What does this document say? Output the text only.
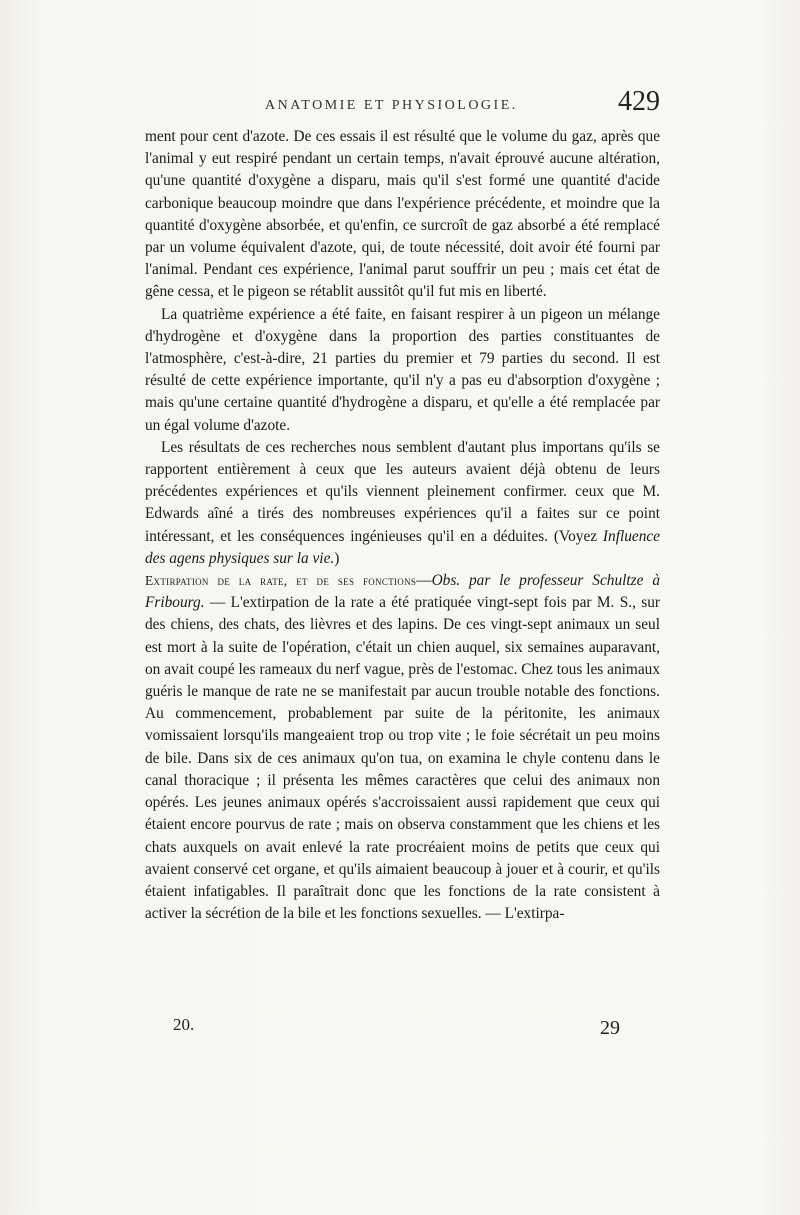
ANATOMIE ET PHYSIOLOGIE.	429

ment pour cent d'azote. De ces essais il est résulté que le volume du gaz, après que l'animal y eut respiré pendant un certain temps, n'avait éprouvé aucune altération, qu'une quantité d'oxygène a disparu, mais qu'il s'est formé une quantité d'acide carbonique beaucoup moindre que dans l'expérience précédente, et moindre que la quantité d'oxygène absorbée, et qu'enfin, ce surcroît de gaz absorbé a été remplacé par un volume équivalent d'azote, qui, de toute nécessité, doit avoir été fourni par l'animal. Pendant ces expérience, l'animal parut souffrir un peu ; mais cet état de gêne cessa, et le pigeon se rétablit aussitôt qu'il fut mis en liberté.

La quatrième expérience a été faite, en faisant respirer à un pigeon un mélange d'hydrogène et d'oxygène dans la proportion des parties constituantes de l'atmosphère, c'est-à-dire, 21 parties du premier et 79 parties du second. Il est résulté de cette expérience importante, qu'il n'y a pas eu d'absorption d'oxygène ; mais qu'une certaine quantité d'hydrogène a disparu, et qu'elle a été remplacée par un égal volume d'azote.

Les résultats de ces recherches nous semblent d'autant plus importans qu'ils se rapportent entièrement à ceux que les auteurs avaient déjà obtenu de leurs précédentes expériences et qu'ils viennent pleinement confirmer. ceux que M. Edwards aîné a tirés des nombreuses expériences qu'il a faites sur ce point intéressant, et les conséquences ingénieuses qu'il en a déduites. (Voyez Influence des agens physiques sur la vie.)

Extirpation de la rate, et de ses fonctions—Obs. par le professeur Schultze à Fribourg. — L'extirpation de la rate a été pratiquée vingt-sept fois par M. S., sur des chiens, des chats, des lièvres et des lapins. De ces vingt-sept animaux un seul est mort à la suite de l'opération, c'était un chien auquel, six semaines auparavant, on avait coupé les rameaux du nerf vague, près de l'estomac. Chez tous les animaux guéris le manque de rate ne se manifestait par aucun trouble notable des fonctions. Au commencement, probablement par suite de la péritonite, les animaux vomissaient lorsqu'ils mangeaient trop ou trop vite ; le foie sécrétait un peu moins de bile. Dans six de ces animaux qu'on tua, on examina le chyle contenu dans le canal thoracique ; il présenta les mêmes caractères que celui des animaux non opérés. Les jeunes animaux opérés s'accroissaient aussi rapidement que ceux qui étaient encore pourvus de rate ; mais on observa constamment que les chiens et les chats auxquels on avait enlevé la rate procréaient moins de petits que ceux qui avaient conservé cet organe, et qu'ils aimaient beaucoup à jouer et à courir, et qu'ils étaient infatigables. Il paraîtrait donc que les fonctions de la rate consistent à activer la sécrétion de la bile et les fonctions sexuelles. — L'extirpa-

20.	29
